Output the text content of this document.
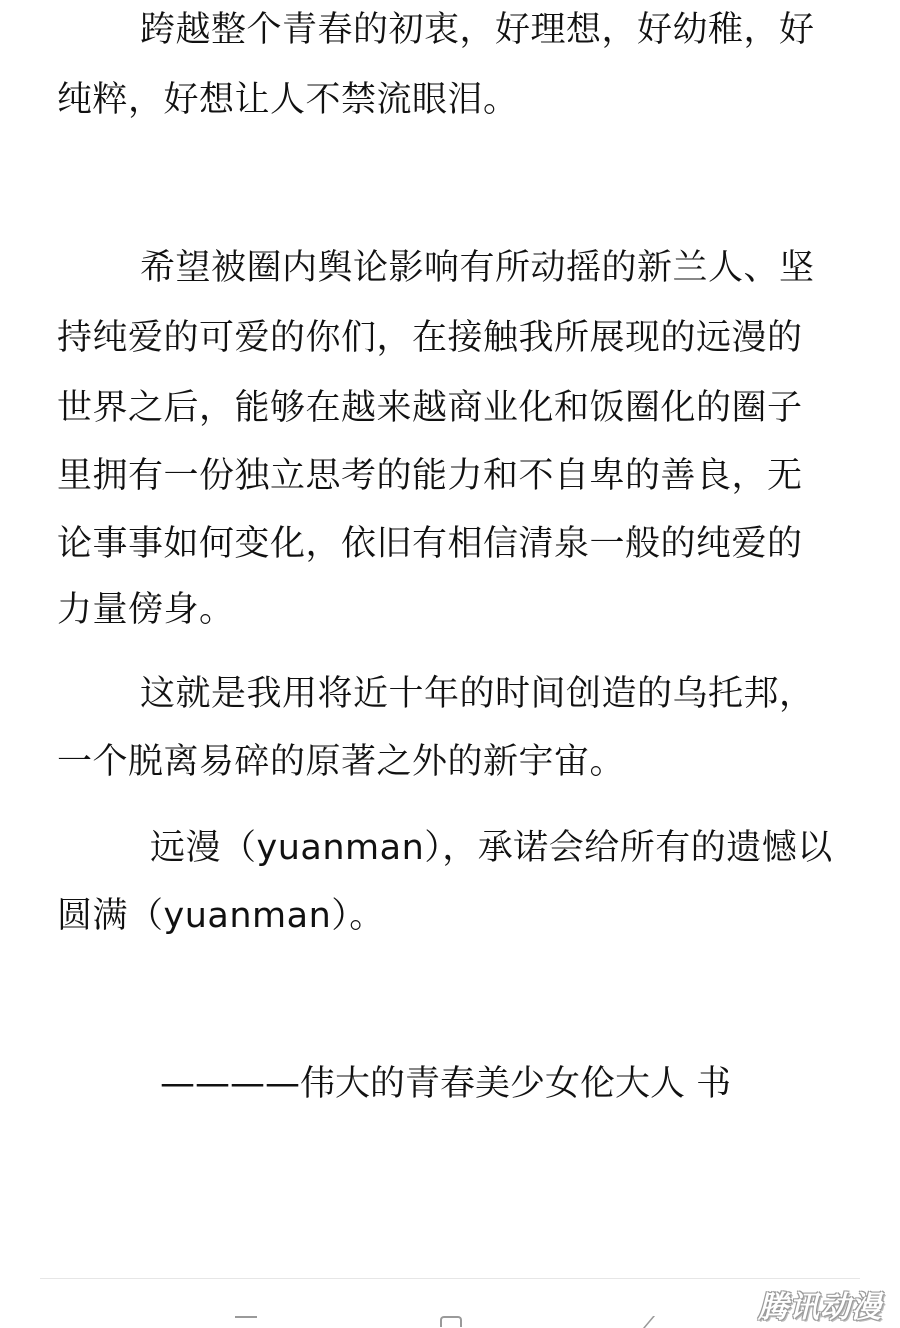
跨越整个青春的初衷，好理想，好幼稚，好
纯粹，好想让人不禁流眼泪。
希望被圈内舆论影响有所动摇的新兰人、坚
持纯爱的可爱的你们，在接触我所展现的远漫的
世界之后，能够在越来越商业化和饭圈化的圈子
里拥有一份独立思考的能力和不自卑的善良，无
论事事如何变化，依旧有相信清泉一般的纯爱的
力量傍身。
这就是我用将近十年的时间创造的乌托邦，
一个脱离易碎的原著之外的新宇宙。
远漫（yuanman），承诺会给所有的遗憾以
圆满（yuanman）。
————伟大的青春美少女伦大人 书
腾讯动漫
